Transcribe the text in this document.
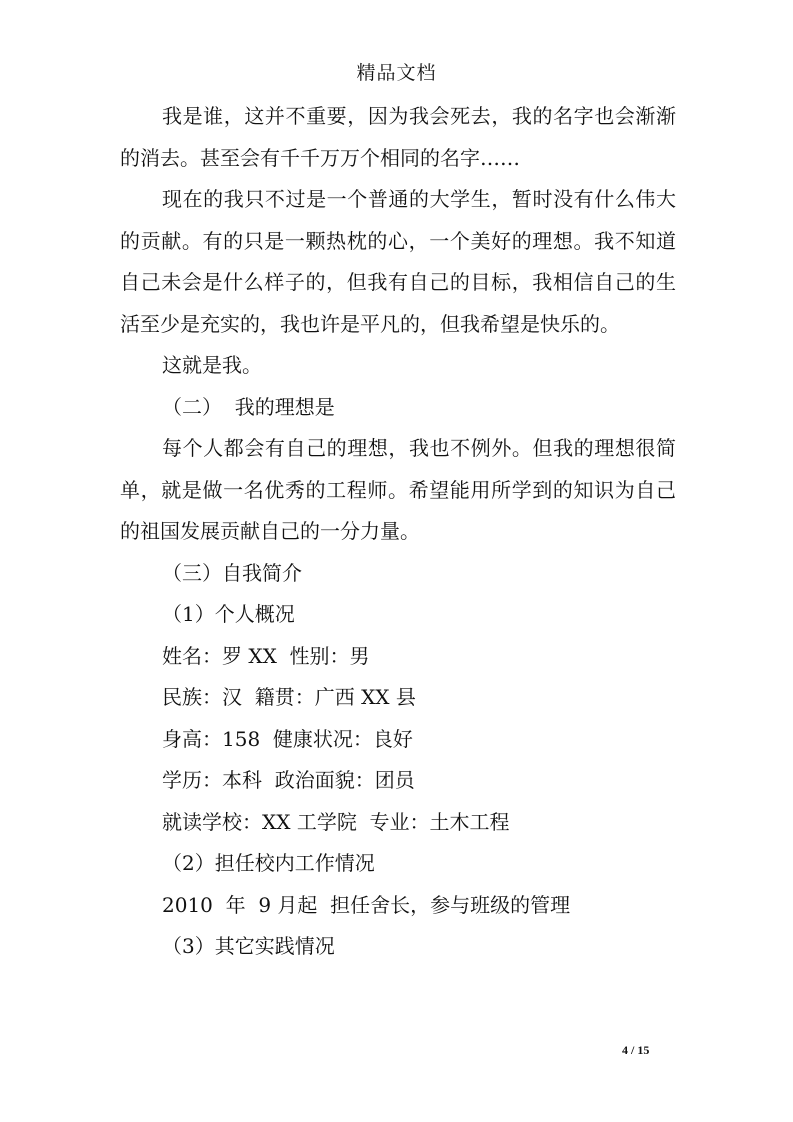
精品文档

我是谁，这并不重要，因为我会死去，我的名字也会渐渐的消去。甚至会有千千万万个相同的名字……

现在的我只不过是一个普通的大学生，暂时没有什么伟大的贡献。有的只是一颗热枕的心，一个美好的理想。我不知道自己未会是什么样子的，但我有自己的目标，我相信自己的生活至少是充实的，我也许是平凡的，但我希望是快乐的。

这就是我。

（二）  我的理想是

每个人都会有自己的理想，我也不例外。但我的理想很简单，就是做一名优秀的工程师。希望能用所学到的知识为自己的祖国发展贡献自己的一分力量。

（三）自我简介

（1）个人概况

姓名：罗 XX  性别：男

民族：汉  籍贯：广西 XX 县

身高：158  健康状况：良好

学历：本科  政治面貌：团员

就读学校：XX 工学院  专业：土木工程

（2）担任校内工作情况

2010  年  9 月起  担任舍长，参与班级的管理

（3）其它实践情况

4 / 15
